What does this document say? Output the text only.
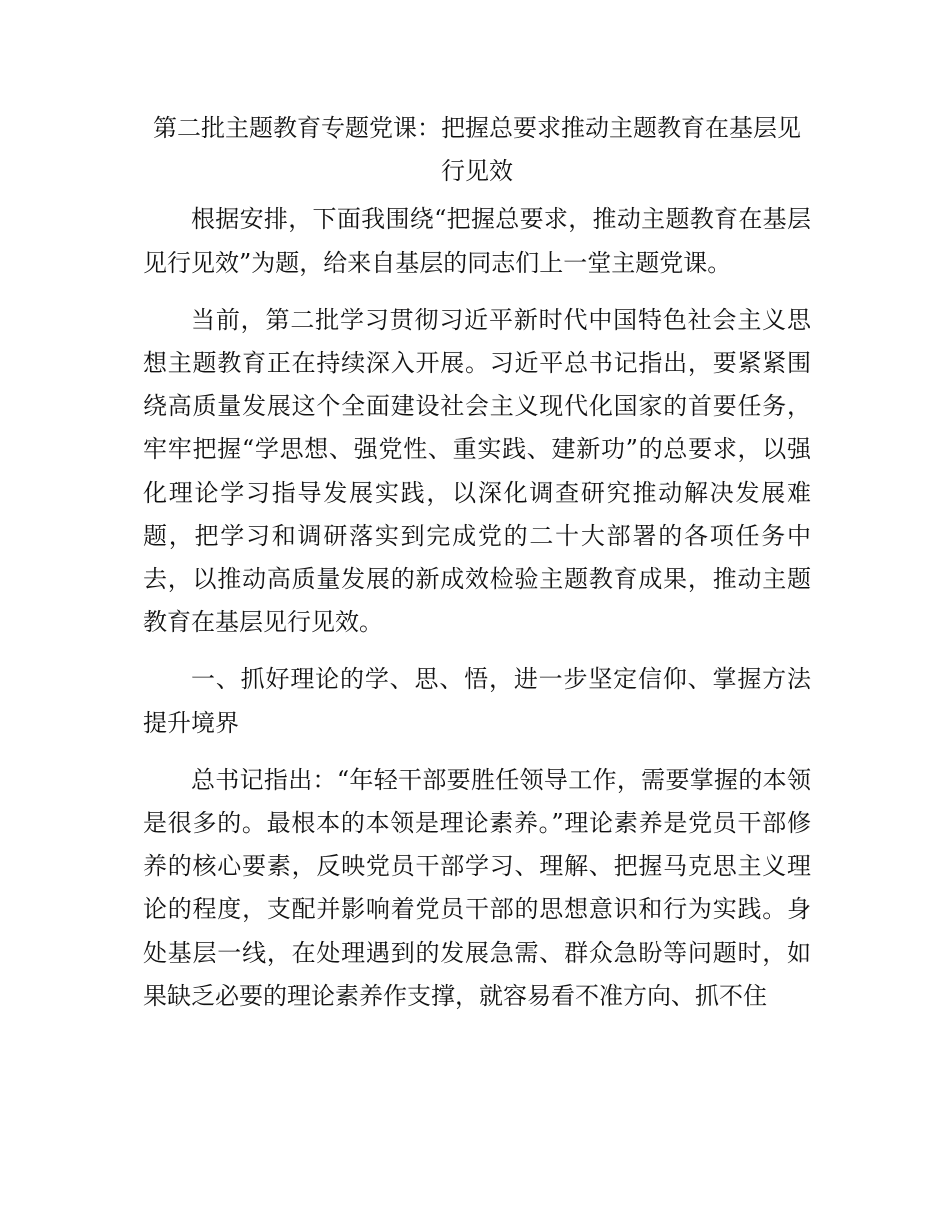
第二批主题教育专题党课：把握总要求推动主题教育在基层见行见效

根据安排，下面我围绕“把握总要求，推动主题教育在基层见行见效”为题，给来自基层的同志们上一堂主题党课。

当前，第二批学习贯彻习近平新时代中国特色社会主义思想主题教育正在持续深入开展。习近平总书记指出，要紧紧围绕高质量发展这个全面建设社会主义现代化国家的首要任务，牢牢把握“学思想、强党性、重实践、建新功”的总要求，以强化理论学习指导发展实践，以深化调查研究推动解决发展难题，把学习和调研落实到完成党的二十大部署的各项任务中去，以推动高质量发展的新成效检验主题教育成果，推动主题教育在基层见行见效。

一、抓好理论的学、思、悟，进一步坚定信仰、掌握方法提升境界

总书记指出：“年轻干部要胜任领导工作，需要掌握的本领是很多的。最根本的本领是理论素养。”理论素养是党员干部修养的核心要素，反映党员干部学习、理解、把握马克思主义理论的程度，支配并影响着党员干部的思想意识和行为实践。身处基层一线，在处理遇到的发展急需、群众急盼等问题时，如果缺乏必要的理论素养作支撑，就容易看不准方向、抓不住
